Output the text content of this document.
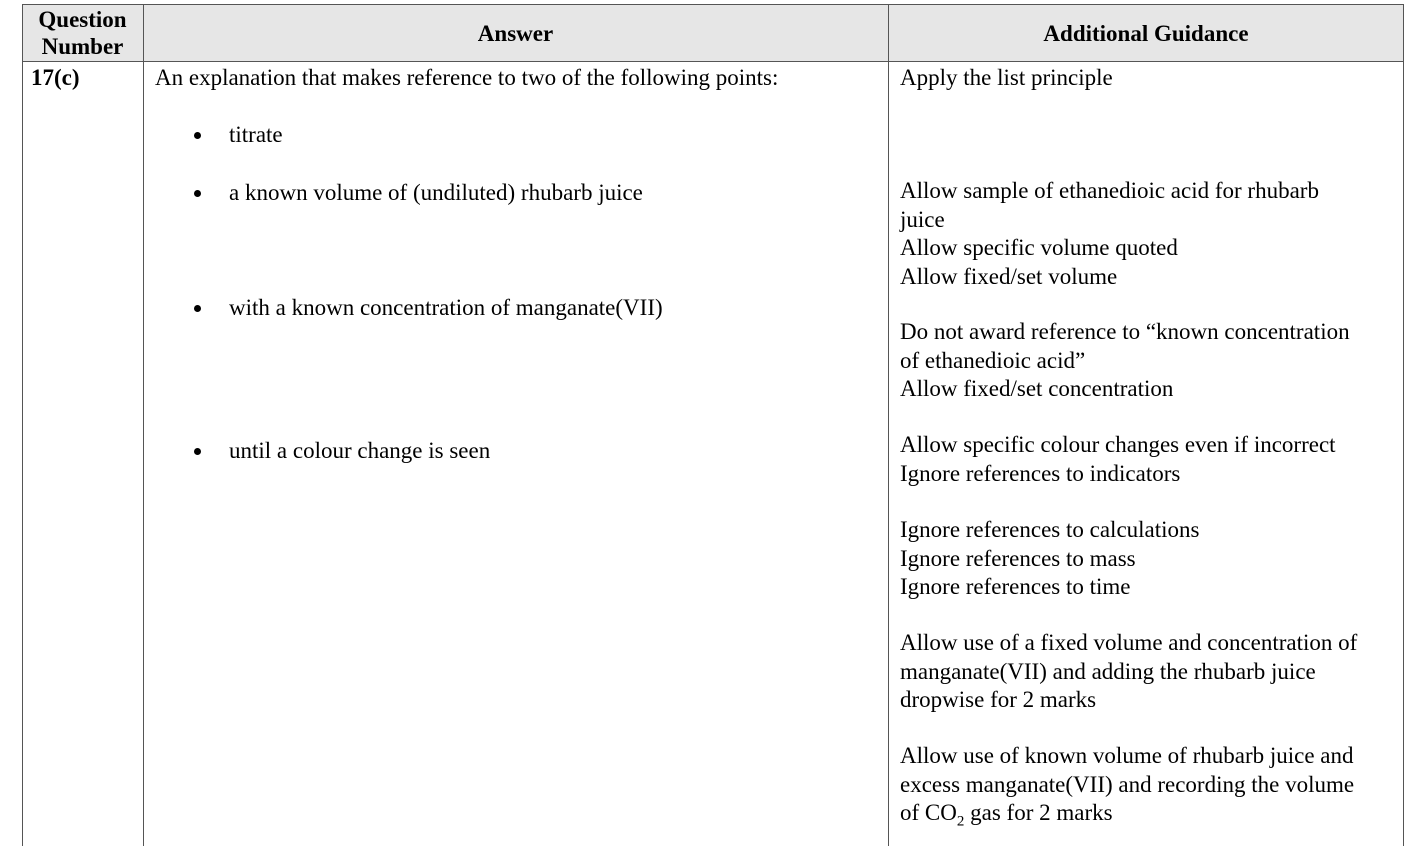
Question
Number
Answer	Additional Guidance
17(c)	An explanation that makes reference to two of the following points:
titrate
a known volume of (undiluted) rhubarb juice
with a known concentration of manganate(VII)
until a colour change is seen
Apply the list principle
Allow sample of ethanedioic acid for rhubarb
juice
Allow specific volume quoted
Allow fixed/set volume
Do not award reference to “known concentration
of ethanedioic acid”
Allow fixed/set concentration
Allow specific colour changes even if incorrect
Ignore references to indicators
Ignore references to calculations
Ignore references to mass
Ignore references to time
Allow use of a fixed volume and concentration of
manganate(VII) and adding the rhubarb juice
dropwise for 2 marks
Allow use of known volume of rhubarb juice and
excess manganate(VII) and recording the volume
of $CO_2$ gas for 2 marks
